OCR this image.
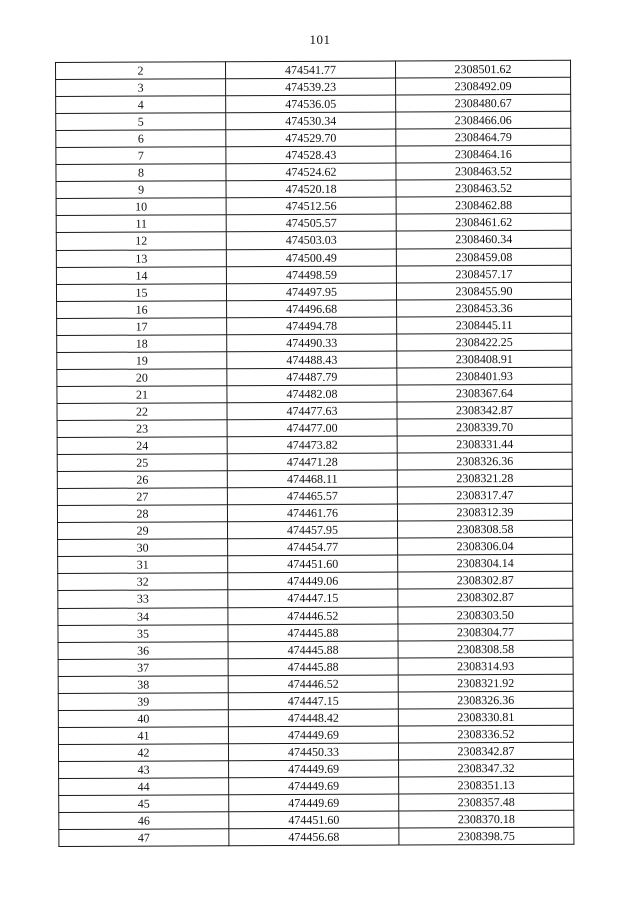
101
2	474541.77	2308501.62
3	474539.23	2308492.09
4	474536.05	2308480.67
5	474530.34	2308466.06
6	474529.70	2308464.79
7	474528.43	2308464.16
8	474524.62	2308463.52
9	474520.18	2308463.52
10	474512.56	2308462.88
11	474505.57	2308461.62
12	474503.03	2308460.34
13	474500.49	2308459.08
14	474498.59	2308457.17
15	474497.95	2308455.90
16	474496.68	2308453.36
17	474494.78	2308445.11
18	474490.33	2308422.25
19	474488.43	2308408.91
20	474487.79	2308401.93
21	474482.08	2308367.64
22	474477.63	2308342.87
23	474477.00	2308339.70
24	474473.82	2308331.44
25	474471.28	2308326.36
26	474468.11	2308321.28
27	474465.57	2308317.47
28	474461.76	2308312.39
29	474457.95	2308308.58
30	474454.77	2308306.04
31	474451.60	2308304.14
32	474449.06	2308302.87
33	474447.15	2308302.87
34	474446.52	2308303.50
35	474445.88	2308304.77
36	474445.88	2308308.58
37	474445.88	2308314.93
38	474446.52	2308321.92
39	474447.15	2308326.36
40	474448.42	2308330.81
41	474449.69	2308336.52
42	474450.33	2308342.87
43	474449.69	2308347.32
44	474449.69	2308351.13
45	474449.69	2308357.48
46	474451.60	2308370.18
47	474456.68	2308398.75
